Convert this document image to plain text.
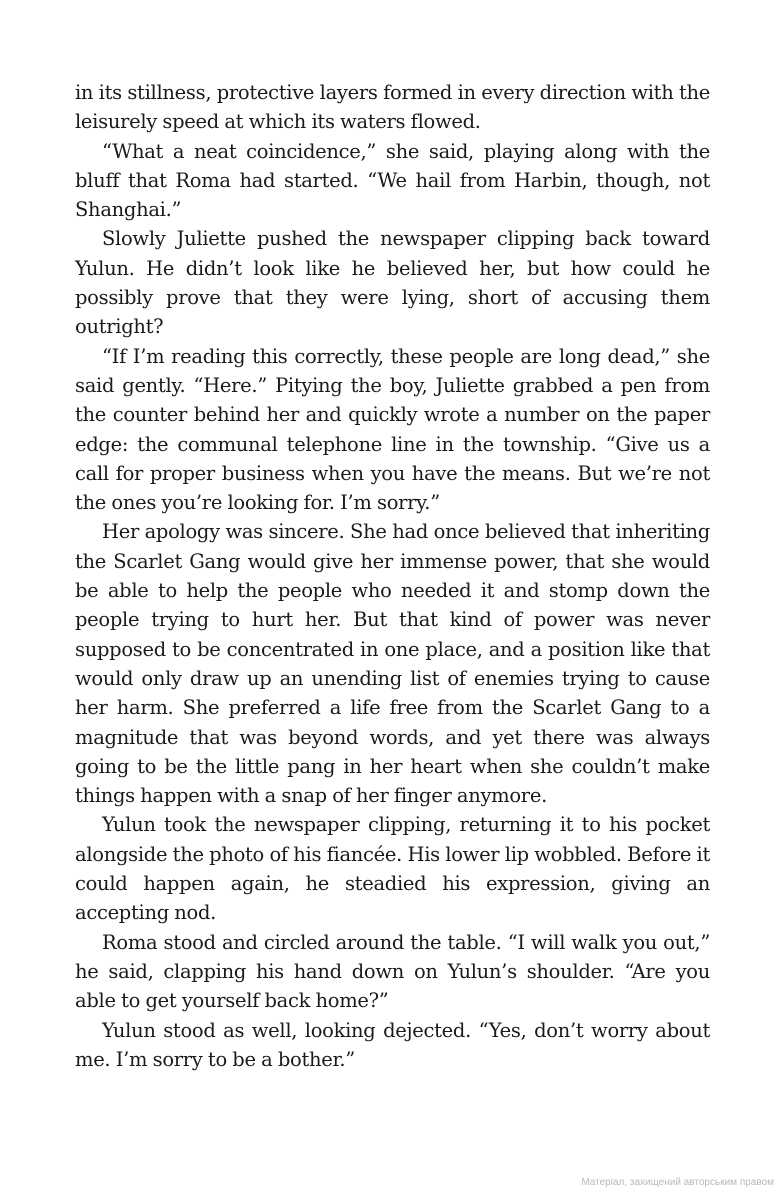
in its stillness, protective layers formed in every direction with the leisurely speed at which its waters flowed.

“What a neat coincidence,” she said, playing along with the bluff that Roma had started. “We hail from Harbin, though, not Shanghai.”

Slowly Juliette pushed the newspaper clipping back toward Yulun. He didn’t look like he believed her, but how could he possibly prove that they were lying, short of accusing them outright?

“If I’m reading this correctly, these people are long dead,” she said gently. “Here.” Pitying the boy, Juliette grabbed a pen from the counter behind her and quickly wrote a number on the paper edge: the communal telephone line in the township. “Give us a call for proper business when you have the means. But we’re not the ones you’re looking for. I’m sorry.”

Her apology was sincere. She had once believed that inheriting the Scarlet Gang would give her immense power, that she would be able to help the people who needed it and stomp down the people trying to hurt her. But that kind of power was never supposed to be concentrated in one place, and a position like that would only draw up an unending list of enemies trying to cause her harm. She preferred a life free from the Scarlet Gang to a magnitude that was beyond words, and yet there was always going to be the little pang in her heart when she couldn’t make things happen with a snap of her finger anymore.

Yulun took the newspaper clipping, returning it to his pocket alongside the photo of his fiancée. His lower lip wobbled. Before it could happen again, he steadied his expression, giving an accepting nod.

Roma stood and circled around the table. “I will walk you out,” he said, clapping his hand down on Yulun’s shoulder. “Are you able to get yourself back home?”

Yulun stood as well, looking dejected. “Yes, don’t worry about me. I’m sorry to be a bother.”

Матеріал, захищений авторським правом
